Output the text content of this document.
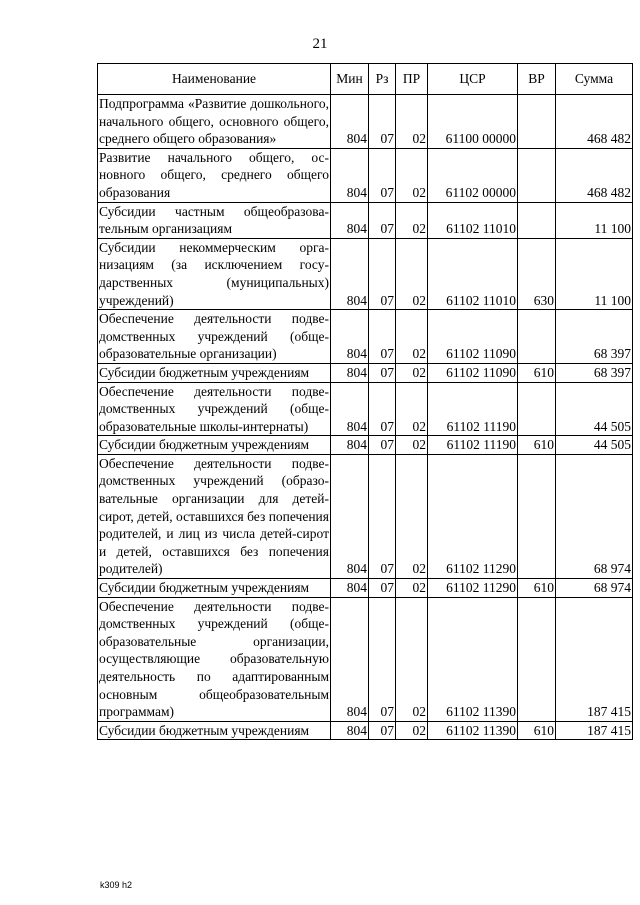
21
Наименование	Мин	Рз	ПР	ЦСР	ВР	Сумма
Подпрограмма «Развитие дошкольного, начального общего, основного общего, среднего общего образования»	804	07	02	61100 00000		468 482
Развитие начального общего, основного общего, среднего общего образования	804	07	02	61102 00000		468 482
Субсидии частным общеобразовательным организациям	804	07	02	61102 11010		11 100
Субсидии некоммерческим организациям (за исключением государственных (муниципальных) учреждений)	804	07	02	61102 11010	630	11 100
Обеспечение деятельности подведомственных учреждений (общеобразовательные организации)	804	07	02	61102 11090		68 397
Субсидии бюджетным учреждениям	804	07	02	61102 11090	610	68 397
Обеспечение деятельности подведомственных учреждений (общеобразовательные школы-интернаты)	804	07	02	61102 11190		44 505
Субсидии бюджетным учреждениям	804	07	02	61102 11190	610	44 505
Обеспечение деятельности подведомственных учреждений (образовательные организации для детей-сирот, детей, оставшихся без попечения родителей, и лиц из числа детей-сирот и детей, оставшихся без попечения родителей)	804	07	02	61102 11290		68 974
Субсидии бюджетным учреждениям	804	07	02	61102 11290	610	68 974
Обеспечение деятельности подведомственных учреждений (общеобразовательные организации, осуществляющие образовательную деятельность по адаптированным основным общеобразовательным программам)	804	07	02	61102 11390		187 415
Субсидии бюджетным учреждениям	804	07	02	61102 11390	610	187 415
k309 h2
